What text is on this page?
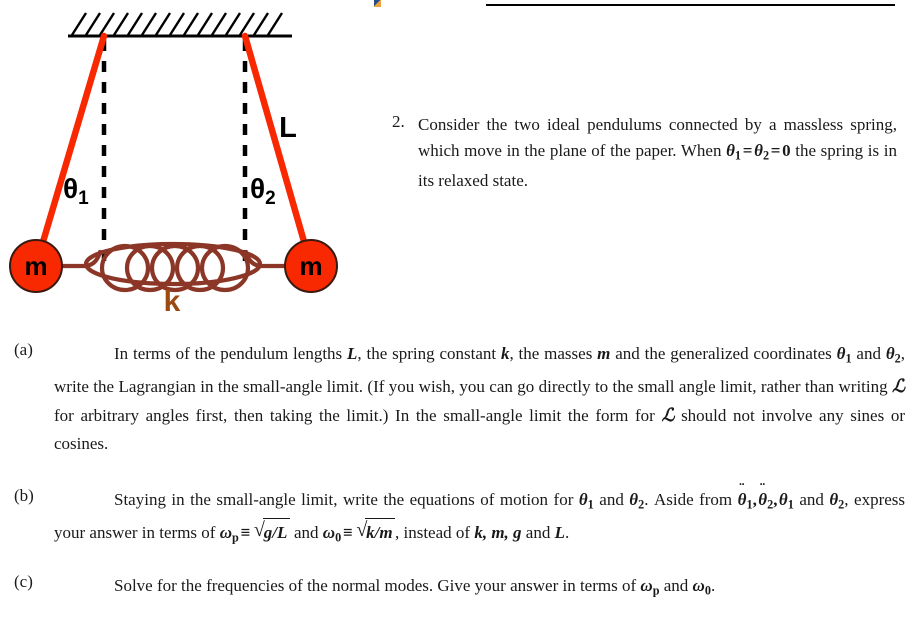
m	m
L
$\theta_1$	$\theta_2$
k
2. Consider the two ideal pendulums connected by a massless spring, which move in the plane of the paper. When $\theta_1=\theta_2=0$ the spring is in its relaxed state.
(a)	In terms of the pendulum lengths L, the spring constant k, the masses m and the generalized coordinates $\theta_1$ and $\theta_2$, write the Lagrangian in the small-angle limit. (If you wish, you can go directly to the small angle limit, rather than writing ℒ for arbitrary angles first, then taking the limit.) In the small-angle limit the form for ℒ should not involve any sines or cosines.
(b)	Staying in the small-angle limit, write the equations of motion for $\theta_1$ and $\theta_2$. Aside from ¨ $\theta_1$, ¨ $\theta_2$, $\theta_1$ and $\theta_2$, express your answer in terms of $\omega_p\equiv$ √ g/L and $\omega_0\equiv$ √ k/m , instead of k, m, g and L.
(c)	Solve for the frequencies of the normal modes. Give your answer in terms of $\omega_p$ and $\omega_0$.
